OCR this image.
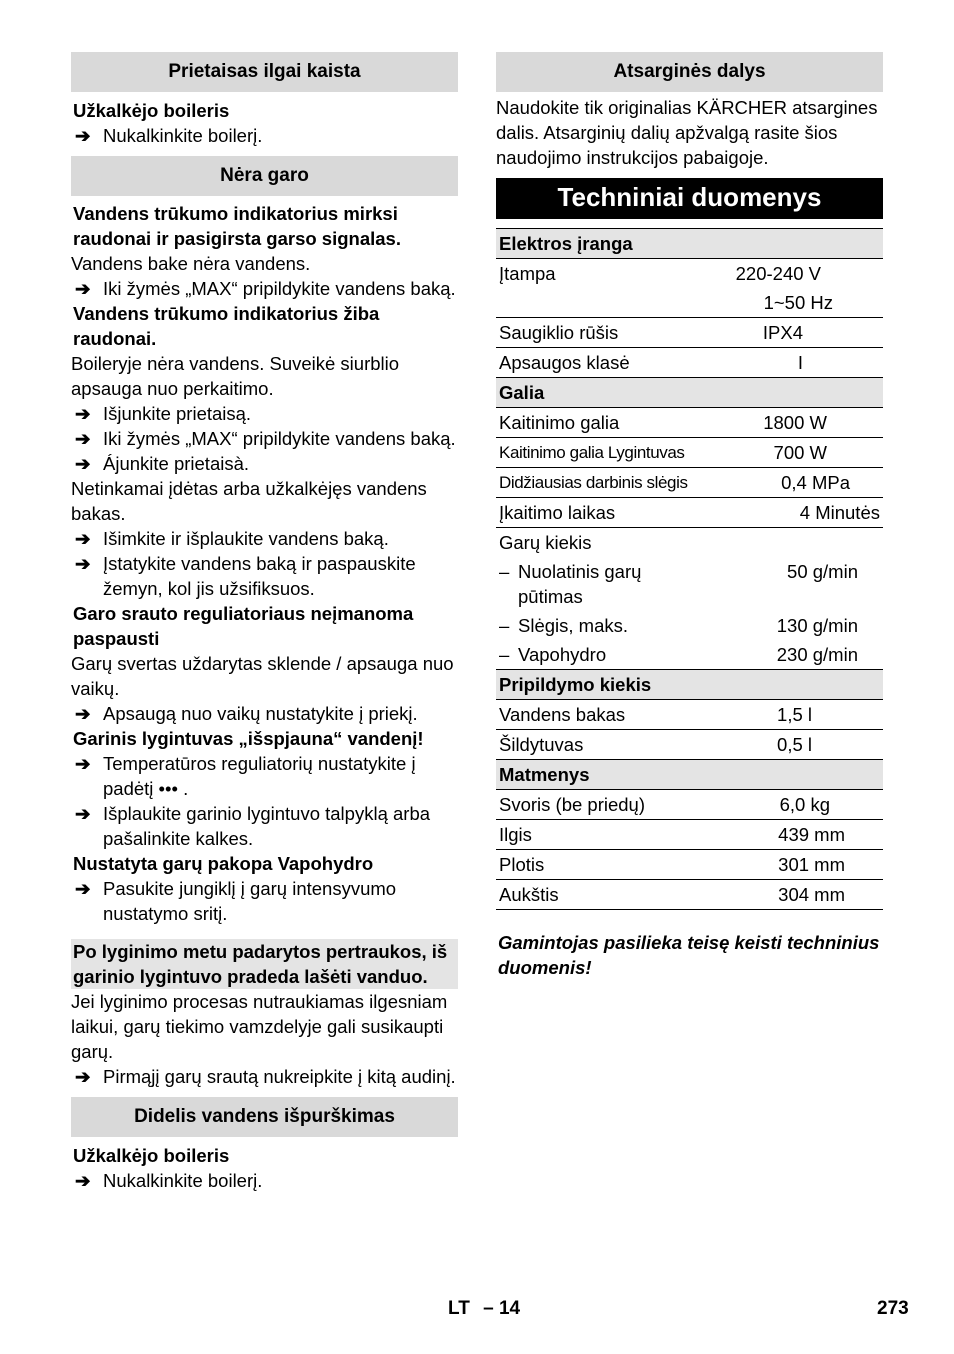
Prietaisas ilgai kaista
Užkalkėjo boileris
➔ Nukalkinkite boilerį.
Nėra garo
Vandens trūkumo indikatorius mirksi raudonai ir pasigirsta garso signalas.
Vandens bake nėra vandens.
➔ Iki žymės „MAX“ pripildykite vandens baką.
Vandens trūkumo indikatorius žiba raudonai.
Boileryje nėra vandens. Suveikė siurblio apsauga nuo perkaitimo.
➔ Išjunkite prietaisą.
➔ Iki žymės „MAX“ pripildykite vandens baką.
➔ Ájunkite prietaisà.
Netinkamai įdėtas arba užkalkėjęs vandens bakas.
➔ Išimkite ir išplaukite vandens baką.
➔ Įstatykite vandens baką ir paspauskite žemyn, kol jis užsifiksuos.
Garo srauto reguliatoriaus neįmanoma paspausti
Garų svertas uždarytas sklende / apsauga nuo vaikų.
➔ Apsaugą nuo vaikų nustatykite į priekį.
Garinis lygintuvas „išspjauna“ vandenį!
➔ Temperatūros reguliatorių nustatykite į padėtį ••• .
➔ Išplaukite garinio lygintuvo talpyklą arba pašalinkite kalkes.
Nustatyta garų pakopa Vapohydro
➔ Pasukite jungiklį į garų intensyvumo nustatymo sritį.
Po lyginimo metu padarytos pertraukos, iš garinio lygintuvo pradeda lašėti vanduo.
Jei lyginimo procesas nutraukiamas ilgesniam laikui, garų tiekimo vamzdelyje gali susikaupti garų.
➔ Pirmąjį garų srautą nukreipkite į kitą audinį.
Didelis vandens išpurškimas
Užkalkėjo boileris
➔ Nukalkinkite boilerį.
Atsarginės dalys
Naudokite tik originalias KÄRCHER atsargines dalis. Atsarginių dalių apžvalgą rasite šios naudojimo instrukcijos pabaigoje.
Techniniai duomenys
Elektros įranga	
Įtampa	220-240 V
	1~50 Hz
Saugiklio rūšis	IPX4
Apsaugos klasė	I
Galia	
Kaitinimo galia	1800 W
Kaitinimo galia Lygintuvas	700 W
Didžiausias darbinis slėgis	0,4 MPa
Įkaitimo laikas	4 Minutės
Garų kiekis	
– Nuolatinis garų pūtimas	50 g/min
– Slėgis, maks.	130 g/min
– Vapohydro	230 g/min
Pripildymo kiekis	
Vandens bakas	1,5 l
Šildytuvas	0,5 l
Matmenys	
Svoris (be priedų)	6,0 kg
Ilgis	439 mm
Plotis	301 mm
Aukštis	304 mm
Gamintojas pasilieka teisę keisti techninius duomenis!
LT – 14	273
